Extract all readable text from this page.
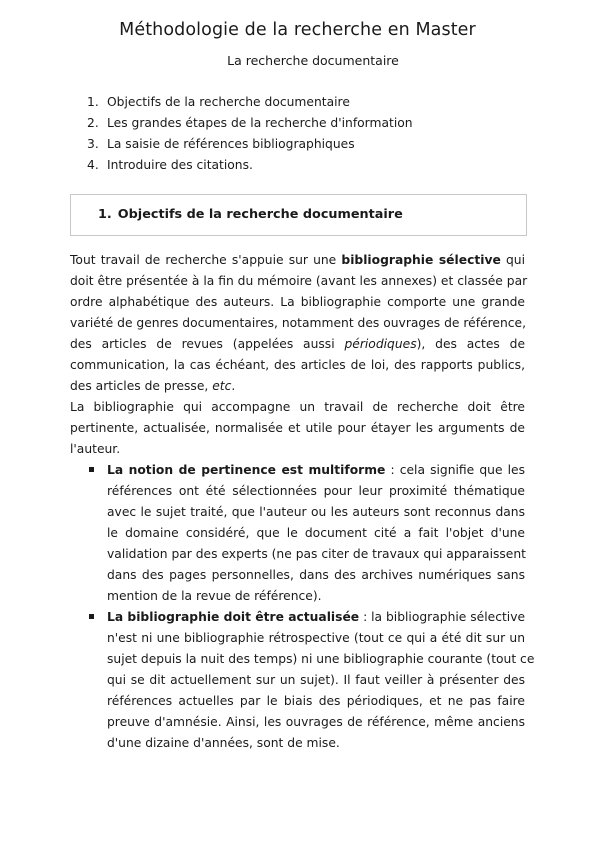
Méthodologie de la recherche en Master
La recherche documentaire
1. Objectifs de la recherche documentaire
2. Les grandes étapes de la recherche d'information
3. La saisie de références bibliographiques
4. Introduire des citations.
1. Objectifs de la recherche documentaire
Tout travail de recherche s'appuie sur une bibliographie sélective qui
doit être présentée à la fin du mémoire (avant les annexes) et classée par
ordre alphabétique des auteurs. La bibliographie comporte une grande
variété de genres documentaires, notamment des ouvrages de référence,
des articles de revues (appelées aussi périodiques), des actes de
communication, la cas échéant, des articles de loi, des rapports publics,
des articles de presse, etc.
La bibliographie qui accompagne un travail de recherche doit être
pertinente, actualisée, normalisée et utile pour étayer les arguments de
l'auteur.
La notion de pertinence est multiforme : cela signifie que les
références ont été sélectionnées pour leur proximité thématique
avec le sujet traité, que l'auteur ou les auteurs sont reconnus dans
le domaine considéré, que le document cité a fait l'objet d'une
validation par des experts (ne pas citer de travaux qui apparaissent
dans des pages personnelles, dans des archives numériques sans
mention de la revue de référence).
La bibliographie doit être actualisée : la bibliographie sélective
n'est ni une bibliographie rétrospective (tout ce qui a été dit sur un
sujet depuis la nuit des temps) ni une bibliographie courante (tout ce
qui se dit actuellement sur un sujet). Il faut veiller à présenter des
références actuelles par le biais des périodiques, et ne pas faire
preuve d'amnésie. Ainsi, les ouvrages de référence, même anciens
d'une dizaine d'années, sont de mise.
